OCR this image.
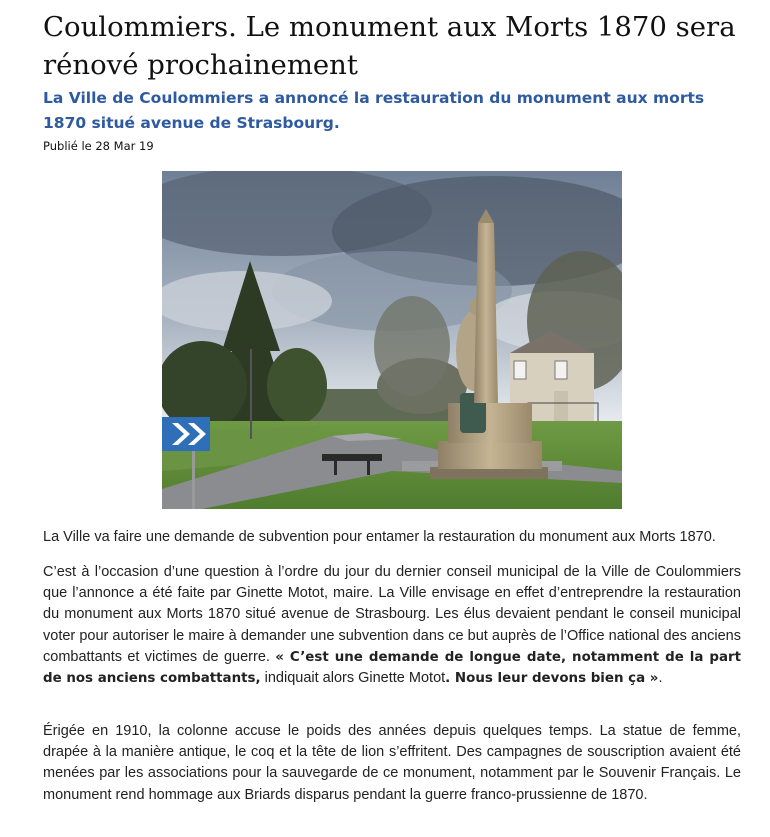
Coulommiers. Le monument aux Morts 1870 sera rénové prochainement
La Ville de Coulommiers a annoncé la restauration du monument aux morts 1870 situé avenue de Strasbourg.

Publié le 28 Mar 19

La Ville va faire une demande de subvention pour entamer la restauration du monument aux Morts 1870.

C’est à l’occasion d’une question à l’ordre du jour du dernier conseil municipal de la Ville de Coulommiers que l’annonce a été faite par Ginette Motot, maire. La Ville envisage en effet d’entreprendre la restauration du monument aux Morts 1870 situé avenue de Strasbourg. Les élus devaient pendant le conseil municipal voter pour autoriser le maire à demander une subvention dans ce but auprès de l’Office national des anciens combattants et victimes de guerre. « C’est une demande de longue date, notamment de la part de nos anciens combattants, indiquait alors Ginette Motot. Nous leur devons bien ça ».

Érigée en 1910, la colonne accuse le poids des années depuis quelques temps. La statue de femme, drapée à la manière antique, le coq et la tête de lion s’effritent. Des campagnes de souscription avaient été menées par les associations pour la sauvegarde de ce monument, notamment par le Souvenir Français. Le monument rend hommage aux Briards disparus pendant la guerre franco-prussienne de 1870.
